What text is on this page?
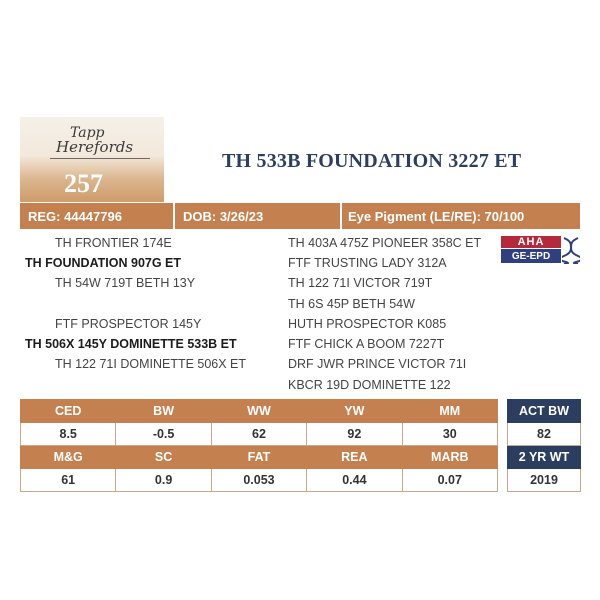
Tapp
Herefords
257
TH 533B FOUNDATION 3227 ET
REG: 44447796	DOB: 3/26/23	Eye Pigment (LE/RE): 70/100
TH FRONTIER 174E
TH FOUNDATION 907G ET
TH 54W 719T BETH 13Y
FTF PROSPECTOR 145Y
TH 506X 145Y DOMINETTE 533B ET
TH 122 71I DOMINETTE 506X ET
TH 403A 475Z PIONEER 358C ET
FTF TRUSTING LADY 312A
TH 122 71I VICTOR 719T
TH 6S 45P BETH 54W
HUTH PROSPECTOR K085
FTF CHICK A BOOM 7227T
DRF JWR PRINCE VICTOR 71I
KBCR 19D DOMINETTE 122
AHA
GE-EPD
CED	BW	WW	YW	MM
8.5	-0.5	62	92	30
M&G	SC	FAT	REA	MARB
61	0.9	0.053	0.44	0.07
ACT BW
82
2 YR WT
2019
